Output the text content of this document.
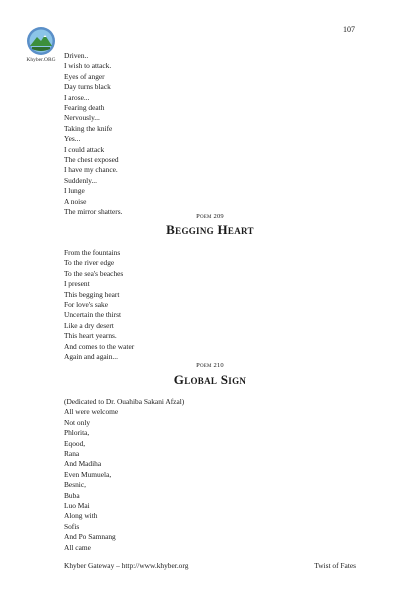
107
Khyber.ORG	Driven..
I wish to attack.
Eyes of anger
Day turns black
I arose...
Fearing death
Nervously...
Taking the knife
Yes...
I could attack
The chest exposed
I have my chance.
Suddenly...
I lunge
A noise
The mirror shatters.
Poem 209
Begging Heart
From the fountains
To the river edge
To the sea's beaches
I present
This begging heart
For love's sake
Uncertain the thirst
Like a dry desert
This heart yearns.
And comes to the water
Again and again...
Poem 210
Global Sign
(Dedicated to Dr. Ouahiba Sakani Afzal)
All were welcome
Not only
Phlorita,
Eqood,
Rana
And Madiha
Even Mumuela,
Besnic,
Buba
Luo Mai
Along with
Sofis
And Po Samnang
All came
Khyber Gateway – http://www.khyber.org	Twist of Fates
